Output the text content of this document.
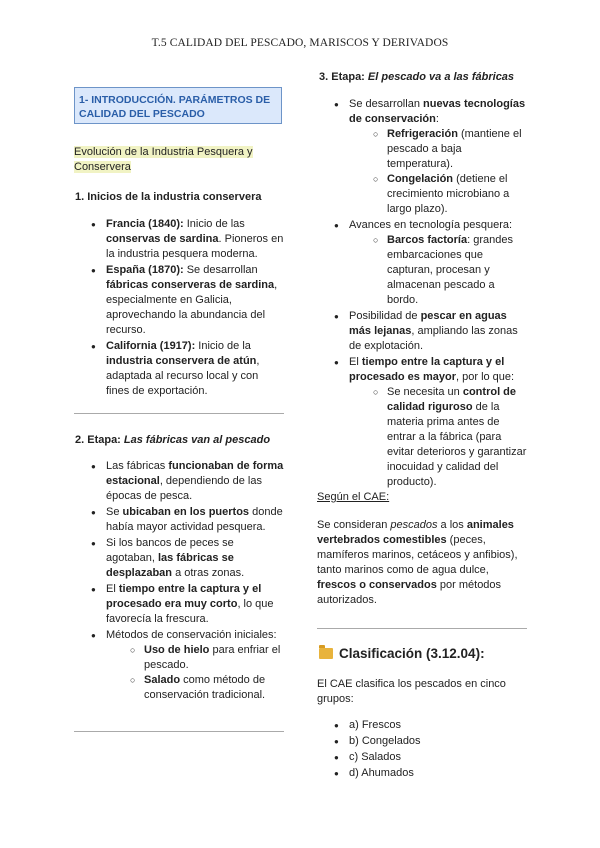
T.5 CALIDAD DEL PESCADO, MARISCOS Y DERIVADOS
1- INTRODUCCIÓN. PARÁMETROS DE CALIDAD DEL PESCADO
Evolución de la Industria Pesquera y Conservera
1. Inicios de la industria conservera
● Francia (1840): Inicio de las conservas de sardina. Pioneros en la industria pesquera moderna.
● España (1870): Se desarrollan fábricas conserveras de sardina, especialmente en Galicia, aprovechando la abundancia del recurso.
● California (1917): Inicio de la industria conservera de atún, adaptada al recurso local y con fines de exportación.
2. Etapa: Las fábricas van al pescado
● Las fábricas funcionaban de forma estacional, dependiendo de las épocas de pesca.
● Se ubicaban en los puertos donde había mayor actividad pesquera.
● Si los bancos de peces se agotaban, las fábricas se desplazaban a otras zonas.
● El tiempo entre la captura y el procesado era muy corto, lo que favorecía la frescura.
● Métodos de conservación iniciales:
○ Uso de hielo para enfriar el pescado.
○ Salado como método de conservación tradicional.
3. Etapa: El pescado va a las fábricas
● Se desarrollan nuevas tecnologías de conservación:
○ Refrigeración (mantiene el pescado a baja temperatura).
○ Congelación (detiene el crecimiento microbiano a largo plazo).
● Avances en tecnología pesquera:
○ Barcos factoría: grandes embarcaciones que capturan, procesan y almacenan pescado a bordo.
● Posibilidad de pescar en aguas más lejanas, ampliando las zonas de explotación.
● El tiempo entre la captura y el procesado es mayor, por lo que:
○ Se necesita un control de calidad riguroso de la materia prima antes de entrar a la fábrica (para evitar deterioros y garantizar inocuidad y calidad del producto).
Según el CAE:
Se consideran pescados a los animales vertebrados comestibles (peces, mamíferos marinos, cetáceos y anfibios), tanto marinos como de agua dulce, frescos o conservados por métodos autorizados.
Clasificación (3.12.04):
El CAE clasifica los pescados en cinco grupos:
● a) Frescos
● b) Congelados
● c) Salados
● d) Ahumados
